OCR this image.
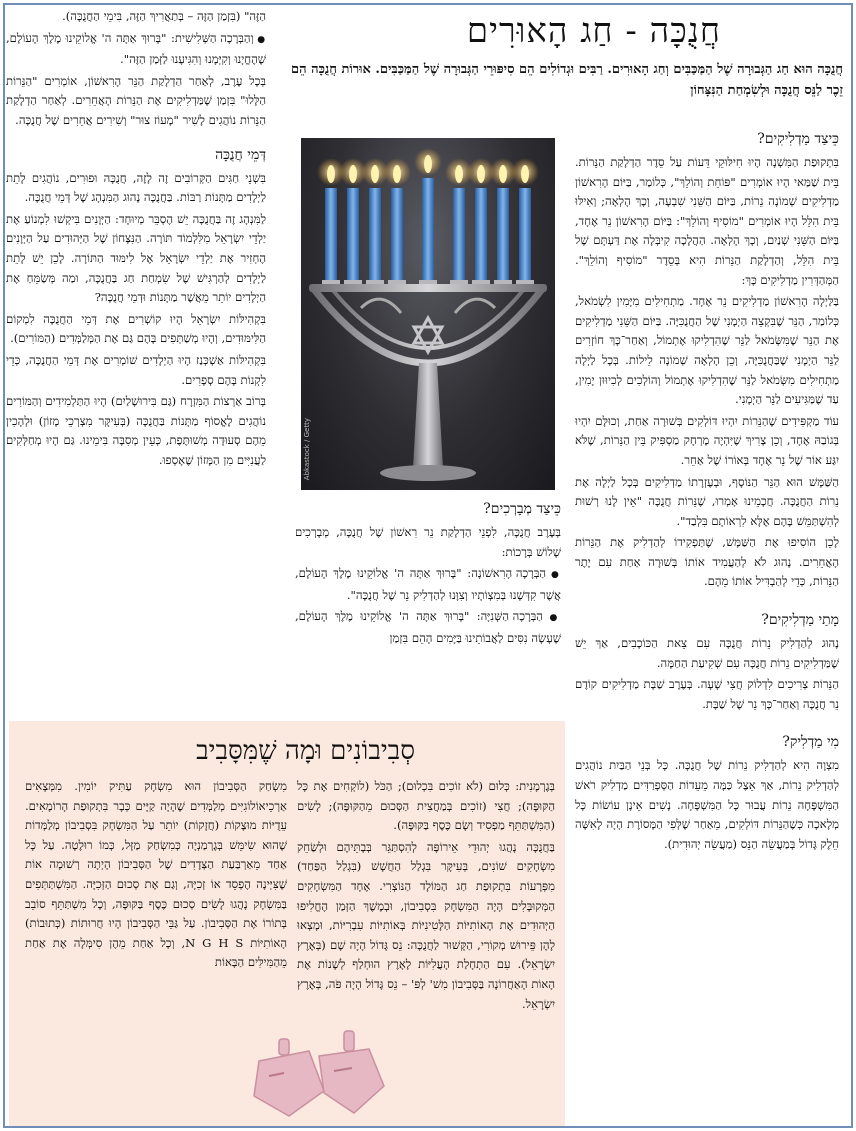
חֲנֻכָּה - חַג הָאוּרִים
חֲנֻכָּה הוּא חַג הַגְּבוּרָה שֶׁל הַמַּכַּבִּים וְחַג הָאוּרִים. רַבִּים וּגְדוֹלִים הֵם סִיפּוּרֵי הַגְּבוּרָה שֶׁל הַמַּכַּבִּים. אוּרוֹת חֲנֻכָּה הֵם זֵכֶר לַנֵּס חֲנֻכָּה וּלְשִׂמְחַת הַנִּצָּחוֹן
כֵּיצַד מַדְלִיקִים?

בִּתְקוּפַת הַמִּשְׁנָה הָיוּ חִילּוּקֵי דֵּעוֹת עַל סֵדֶר הַדְלָקַת הַנֵּרוֹת. בֵּית שַׁמַּאי הָיוּ אוֹמְרִים "פּוֹחֵת וְהוֹלֵךְ", כְּלוֹמַר, בַּיּוֹם הָרִאשׁוֹן מַדְלִיקִים שְׁמוֹנָה נֵרוֹת, בַּיּוֹם הַשֵּׁנִי שִׁבְעָה, וְכָךְ הָלְאָה; וְאִילּוּ בֵּית הִלֵּל הָיוּ אוֹמְרִים "מוֹסִיף וְהוֹלֵךְ": בַּיּוֹם הָרִאשׁוֹן נֵר אֶחָד, בַּיּוֹם הַשֵּׁנִי שְׁנַיִם, וְכָךְ הָלְאָה. הַהֲלָכָה קִיבְּלָה אֶת דַּעְתָּם שֶׁל בֵּית הִלֵּל, וְהַדְלָקַת הַנֵּרוֹת הִיא בְּסֵדֶר "מוֹסִיף וְהוֹלֵךְ". הַמְּהַדְּרִין מַדְלִיקִים כָּךְ:

בַּלַּיְלָה הָרִאשׁוֹן מַדְלִיקִים נֵר אֶחָד. מַתְחִילִים מִיָּמִין לִשְׂמֹאל, כְּלוֹמַר, הַנֵּר שֶׁבִּקְצֵה הַיְמָנִי שֶׁל הַחֲנֻכִּיָּה. בַּיּוֹם הַשֵּׁנִי מַדְלִיקִים אֶת הַנֵּר שֶׁמִּשְּׂמֹאל לַנֵּר שֶׁהִדְלִיקוּ אֶתְמוֹל, וְאַחַר־כָּךְ חוֹזְרִים לַנֵּר הַיְמָנִי שֶׁבַּחֲנֻכִּיָּה, וְכֵן הָלְאָה שְׁמוֹנָה לֵילוֹת. בְּכָל לַיְלָה מַתְחִילִים מִשְּׂמֹאל לַנֵּר שֶׁהִדְלִיקוּ אֶתְמוֹל וְהוֹלְכִים לְכִיוּוּן יָמִין, עַד שֶׁמַּגִּיעִים לַנֵּר הַיְמָנִי.

עוֹד מַקְפִּידִים שֶׁהַנֵּרוֹת יִהְיוּ דּוֹלְקִים בְּשׁוּרָה אַחַת, וְכוּלָּם יִהְיוּ בְּגוֹבַהּ אֶחָד, וְכֵן צָרִיךְ שֶׁיִּהְיֶה מֶרְחָק מַסְפִּיק בֵּין הַנֵּרוֹת, שֶׁלֹּא יִגַּע אוֹר שֶׁל נֵר אֶחָד בְּאוֹרוֹ שֶׁל אַחֵר.

הַשַּׁמָּשׁ הוּא הַנֵּר הַנּוֹסָף, וּבְעֶזְרָתוֹ מַדְלִיקִים בְּכָל לַיְלָה אֶת נֵרוֹת הַחֲנֻכָּה. חֲכָמֵינוּ אָמְרוּ, שֶׁנֵּרוֹת חֲנֻכָּה "אֵין לָנוּ רְשׁוּת לְהִשְׁתַּמֵּשׁ בָּהֶם אֶלָּא לִרְאוֹתָם בִּלְבַד".

לָכֵן הוֹסִיפוּ אֶת הַשַּׁמָּשׁ, שֶׁתַּפְקִידוֹ לְהַדְלִיק אֶת הַנֵּרוֹת הָאֲחֵרִים. נָהוּג לֹא לְהַעֲמִיד אוֹתוֹ בְּשׁוּרָה אַחַת עִם יֶתֶר הַנֵּרוֹת, כְּדֵי לְהַבְדִּיל אוֹתוֹ מֵהֶם.

מָתַי מַדְלִיקִים?

נָהוּג לְהַדְלִיק נֵרוֹת חֲנֻכָּה עִם צֵאת הַכּוֹכָבִים, אַךְ יֵשׁ שֶׁמַּדְלִיקִים נֵרוֹת חֲנֻכָּה עִם שְׁקִיעַת הַחַמָּה.

הַנֵּרוֹת צְרִיכִים לִדְלוֹק חֲצִי שָׁעָה. בְּעֶרֶב שַׁבָּת מַדְלִיקִים קוֹדֶם נֵר חֲנֻכָּה וְאַחַר־כָּךְ נֵר שֶׁל שַׁבָּת.

מִי מַדְלִיק?

מִצְוָה הִיא לְהַדְלִיק נֵרוֹת שֶׁל חֲנֻכָּה. כָּל בְּנֵי הַבַּיִת נוֹהֲגִים לְהַדְלִיק נֵרוֹת, אַךְ אֵצֶל כַּמָּה מֵעֵדוֹת הַסְּפָרַדִּים מַדְלִיק רֹאשׁ הַמִּשְׁפָּחָה נֵרוֹת עֲבוּר כָּל הַמִּשְׁפָּחָה. נָשִׁים אֵינָן עוֹשׂוֹת כָּל מְלָאכָה כְּשֶׁהַנֵּרוֹת דּוֹלְקִים, מֵאַחַר שֶׁלְּפִי הַמָּסוֹרֶת הָיָה לָאִשָּׁה חֵלֶק גָּדוֹל בְּמַעֲשֵׂה הַנֵּס (מַעֲשֵׂה יְהוּדִית).

Abkastock / Getty
כֵּיצַד מְבָרְכִים?

בְּעֶרֶב חֲנֻכָּה, לִפְנֵי הַדְלָקַת נֵר רִאשׁוֹן שֶׁל חֲנֻכָּה, מְבָרְכִים שָׁלוֹשׁ בְּרָכוֹת:

● הַבְּרָכָה הָרִאשׁוֹנָה: "בָּרוּךְ אַתָּה ה' אֱלוֹקֵינוּ מֶלֶךְ הָעוֹלָם, אֲשֶׁר קִדְּשָׁנוּ בְּמִצְוֹתָיו וְצִוָּנוּ לְהַדְלִיק נֵר שֶׁל חֲנֻכָּה".

● הַבְּרָכָה הַשְּׁנִיָּה: "בָּרוּךְ אַתָּה ה' אֱלוֹקֵינוּ מֶלֶךְ הָעוֹלָם, שֶׁעָשָׂה נִסִּים לַאֲבוֹתֵינוּ בַּיָּמִים הָהֵם בִּזְמַן

הַזֶּה" (בִּזְמַן הַזֶּה – בְּתַאֲרִיךְ הַזֶּה, בִּימֵי הַחֲנֻכָּה).

● וְהַבְּרָכָה הַשְּׁלִישִׁית: "בָּרוּךְ אַתָּה ה' אֱלוֹקֵינוּ מֶלֶךְ הָעוֹלָם, שֶׁהֶחֱיָנוּ וְקִיְּמָנוּ וְהִגִּיעָנוּ לַזְּמַן הַזֶּה".

בְּכָל עֶרֶב, לְאַחַר הַדְלָקַת הַנֵּר הָרִאשׁוֹן, אוֹמְרִים "הַנֵּרוֹת הַלָּלוּ" בִּזְמַן שֶׁמַּדְלִיקִים אֶת הַנֵּרוֹת הָאֲחֵרִים. לְאַחַר הַדְלָקַת הַנֵּרוֹת נוֹהֲגִים לָשִׁיר "מָעוֹז צוּר" וְשִׁירִים אֲחֵרִים שֶׁל חֲנֻכָּה.

דְּמֵי חֲנֻכָּה

בִּשְׁנֵי חַגִּים הַקְּרוֹבִים זֶה לָזֶה, חֲנֻכָּה וּפוּרִים, נוֹהֲגִים לָתֵת לַיְלָדִים מַתָּנוֹת רַבּוֹת. בַּחֲנֻכָּה נָהוּג הַמִּנְהָג שֶׁל דְּמֵי חֲנֻכָּה.

לַמִּנְהָג זֶה בַּחֲנֻכָּה יֵשׁ הֶסְבֵּר מְיוּחָד: הַיְּוָנִים בִּיקְשׁוּ לִמְנוֹעַ אֶת יַלְדֵי יִשְׂרָאֵל מִלִּלְמוֹד תּוֹרָה. הַנִּצָּחוֹן שֶׁל הַיְּהוּדִים עַל הַיְּוָנִים הֶחְזִיר אֶת יַלְדֵי יִשְׂרָאֵל אֶל לִימּוּד הַתּוֹרָה. לָכֵן יֵשׁ לָתֵת לַיְלָדִים לְהַרְגִּישׁ שֶׁל שִׂמְחַת חַג בַּחֲנֻכָּה, וּמַה מְּשַׂמֵּחַ אֶת הַיְלָדִים יוֹתֵר מֵאֲשֶׁר מַתָּנוֹת וּדְמֵי חֲנֻכָּה?

בִּקְהִילּוֹת יִשְׂרָאֵל הָיוּ קוֹשְׁרִים אֶת דְּמֵי הַחֲנֻכָּה לִמְקוֹם הַלִּימּוּדִים, וְהָיוּ מְשַׁתְּפִים בָּהֶם גַּם אֶת הַמְּלַמְּדִים (הַמּוֹרִים).

בִּקְהִילּוֹת אַשְׁכְּנַז הָיוּ הַיְלָדִים שׁוֹמְרִים אֶת דְּמֵי הַחֲנֻכָּה, כְּדֵי לִקְנוֹת בָּהֶם סְפָרִים.

בְּרוֹב אַרְצוֹת הַמִּזְרָח (גַּם בִּירוּשָׁלַיִם) הָיוּ הַתַּלְמִידִים וְהַמּוֹרִים נוֹהֲגִים לֶאֱסוֹף מַתָּנוֹת בַּחֲנֻכָּה (בְּעִיקָּר מִצְרְכֵי מָזוֹן) וּלְהָכִין מֵהֶם סְעוּדָה מְשׁוּתֶּפֶת, כְּעֵין מְסִבָּה בִּימֵינוּ. גַּם הָיוּ מְחַלְּקִים לַעֲנִיִּים מִן הַמָּזוֹן שֶׁאָסְפוּ.

סְבִיבוֹנִים וּמָה שֶׁמִּסָּבִיב

מִשְׂחַק הַסְּבִיבוֹן הוּא מִשְׂחָק עַתִּיק יוֹמִין. מִמְּצָאִים אַרְכֵיאוֹלוֹגִיִּים מְלַמְּדִים שֶׁהָיָה קַיָּים כְּבָר בִּתְקוּפַת הָרוֹמָאִים. עֵדֻיּוֹת מוּצָקוֹת (חֲזָקוֹת) יוֹתֵר עַל הַמִּשְׂחָק בִּסְבִיבוֹן מְלַמְּדוֹת שֶׁהוּא שִׂימֵּשׁ בְּגֶרְמַנְיָה כְּמִשְׂחַק מַזָּל, כְּמוֹ רוּלֶטָה. עַל כָּל אַחַד מֵאַרְבַּעַת הַצְּדָדִים שֶׁל הַסְּבִיבוֹן הָיְתָה רְשׁוּמָה אוֹת שֶׁצִּיְּינָה הֶפְסֵד אוֹ זְכִיָּה, וְגַם אֶת סְכוּם הַזְּכִיָּה. הַמִּשְׁתַּתְּפִים בַּמִּשְׂחָק נָהֲגוּ לָשִׂים סְכוּם כֶּסֶף בַּקּוּפָּה, וְכָל מִשְׁתַּתֵּף סוֹבֵב בְּתוֹרוֹ אֶת הַסְּבִיבוֹן. עַל גַּבֵּי הַסְּבִיבוֹן הָיוּ חֲרוּתוֹת (כְּתוּבוֹת) הָאוֹתִיּוֹת N G H S, וְכָל אַחַת מֵהֶן סִימְּלָה אֶת אַחַת מֵהַמִּילִּים הַבָּאוֹת

בְּגֶרְמָנִית: כְּלוּם (לֹא זוֹכִים בִּכְלוּם); הַכֹּל (לוֹקְחִים אֶת כָּל הַקּוּפָּה); חֲצִי (זוֹכִים בְּמַחֲצִית הַסְּכוּם מֵהַקּוּפָּה); לָשִׂים (הַמִּשְׁתַּתֵּף מַפְסִיד וְשָׂם כֶּסֶף בַּקּוּפָּה).

בַּחֲנֻכָּה נָהֲגוּ יְהוּדֵי אֵירוֹפָּה לְהִסְתַּגֵּר בְּבָתֵּיהֶם וּלְשַׂחֵק מִשְׂחָקִים שׁוֹנִים, בְּעִיקָּר בִּגְלַל הַחֲשָׁשׁ (בִּגְלַל הַפַּחַד) מִפְּרָעוֹת בִּתְקוּפַת חַג הַמּוֹלָד הַנּוֹצְרִי. אֶחָד הַמִּשְׂחָקִים הַמְּקוּבָּלִים הָיָה הַמִּשְׂחָק בִּסְבִיבוֹן, וּבְמֶשֶׁךְ הַזְּמַן הֶחֱלִיפוּ הַיְּהוּדִים אֶת הָאוֹתִיּוֹת הַלָּטִינִיּוֹת בְּאוֹתִיּוֹת עִבְרִיּוֹת, וּמָצְאוּ לָהֶן פֵּירוּשׁ מְקוֹרִי, הַקָּשׁוּר לַחֲנֻכָּה: נֵס גָּדוֹל הָיָה שָׁם (בְּאֶרֶץ יִשְׂרָאֵל). עִם הַתְחָלַת הָעֲלִיּוֹת לָאָרֶץ הוּחְלַף לְשָׁנוֹת אֶת הָאוֹת הָאַחֲרוֹנָה בַּסְּבִיבוֹן מִשׁ' לְפּ' – נֵס גָּדוֹל הָיָה פֹּה, בְּאֶרֶץ יִשְׂרָאֵל.
